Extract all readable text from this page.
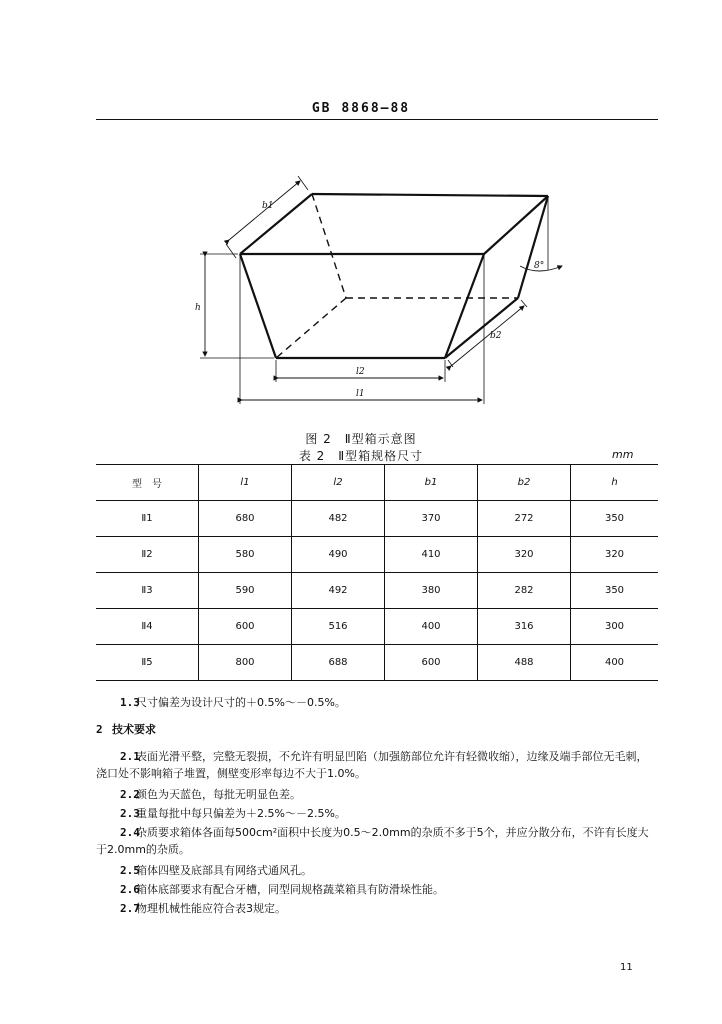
GB 8868—88
b1
h
l2
l1
b2
8°
图 2　Ⅱ型箱示意图
表 2　Ⅱ型箱规格尺寸	mm
型　号	l1	l2	b1	b2	h
Ⅱ1	680	482	370	272	350
Ⅱ2	580	490	410	320	320
Ⅱ3	590	492	380	282	350
Ⅱ4	600	516	400	316	300
Ⅱ5	800	688	600	488	400
1.3尺寸偏差为设计尺寸的＋0.5%～－0.5%。
2 技术要求
2.1表面光滑平整，完整无裂损，不允许有明显凹陷（加强筋部位允许有轻微收缩），边缘及端手部位无毛刺，浇口处不影响箱子堆置，侧壁变形率每边不大于1.0%。
2.2颜色为天蓝色，每批无明显色差。
2.3重量每批中每只偏差为＋2.5%～－2.5%。
2.4杂质要求箱体各面每500cm²面积中长度为0.5～2.0mm的杂质不多于5个，并应分散分布，不许有长度大于2.0mm的杂质。
2.5箱体四壁及底部具有网络式通风孔。
2.6箱体底部要求有配合牙槽，同型同规格蔬菜箱具有防滑垛性能。
2.7物理机械性能应符合表3规定。
11
